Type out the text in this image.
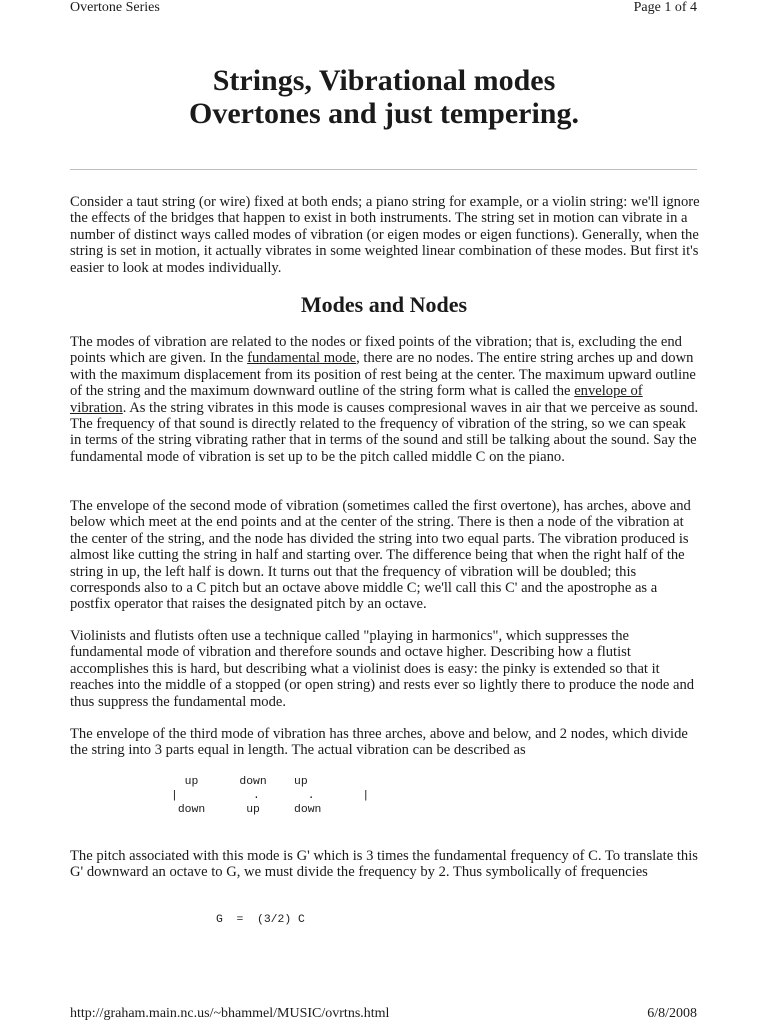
Overtone Series	Page 1 of 4
Strings, Vibrational modes
Overtones and just tempering.
Consider a taut string (or wire) fixed at both ends; a piano string for example, or a violin string: we'll ignore the effects of the bridges that happen to exist in both instruments. The string set in motion can vibrate in a number of distinct ways called modes of vibration (or eigen modes or eigen functions). Generally, when the string is set in motion, it actually vibrates in some weighted linear combination of these modes. But first it's easier to look at modes individually.
Modes and Nodes
The modes of vibration are related to the nodes or fixed points of the vibration; that is, excluding the end points which are given. In the fundamental mode, there are no nodes. The entire string arches up and down with the maximum displacement from its position of rest being at the center. The maximum upward outline of the string and the maximum downward outline of the string form what is called the envelope of vibration. As the string vibrates in this mode is causes compresional waves in air that we perceive as sound. The frequency of that sound is directly related to the frequency of vibration of the string, so we can speak in terms of the string vibrating rather that in terms of the sound and still be talking about the sound. Say the fundamental mode of vibration is set up to be the pitch called middle C on the piano.
The envelope of the second mode of vibration (sometimes called the first overtone), has arches, above and below which meet at the end points and at the center of the string. There is then a node of the vibration at the center of the string, and the node has divided the string into two equal parts. The vibration produced is almost like cutting the string in half and starting over. The difference being that when the right half of the string in up, the left half is down. It turns out that the frequency of vibration will be doubled; this corresponds also to a C pitch but an octave above middle C; we'll call this C' and the apostrophe as a postfix operator that raises the designated pitch by an octave.
Violinists and flutists often use a technique called "playing in harmonics", which suppresses the fundamental mode of vibration and therefore sounds and octave higher. Describing how a flutist accomplishes this is hard, but describing what a violinist does is easy: the pinky is extended so that it reaches into the middle of a stopped (or open string) and rests ever so lightly there to produce the node and thus suppress the fundamental mode.
The envelope of the third mode of vibration has three arches, above and below, and 2 nodes, which divide the string into 3 parts equal in length. The actual vibration can be described as
up      down    up
|           .       .       |
down      up     down
The pitch associated with this mode is G' which is 3 times the fundamental frequency of C. To translate this G' downward an octave to G, we must divide the frequency by 2. Thus symbolically of frequencies
G  =  (3/2) C
http://graham.main.nc.us/~bhammel/MUSIC/ovrtns.html	6/8/2008
